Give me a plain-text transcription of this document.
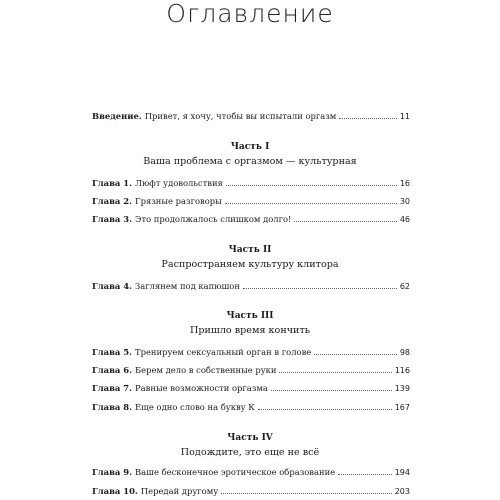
Оглавление
Введение. Привет, я хочу, чтобы вы испытали оргазм	11
Часть I
Ваша проблема с оргазмом — культурная
Глава 1. Люфт удовольствия	16
Глава 2. Грязные разговоры	30
Глава 3. Это продолжалось слишком долго!	46
Часть II
Распространяем культуру клитора
Глава 4. Заглянем под капюшон	62
Часть III
Пришло время кончить
Глава 5. Тренируем сексуальный орган в голове	98
Глава 6. Берем дело в собственные руки	116
Глава 7. Равные возможности оргазма	139
Глава 8. Еще одно слово на букву К	167
Часть IV
Подождите, это еще не всё
Глава 9. Ваше бесконечное эротическое образование	194
Глава 10. Передай другому	203
